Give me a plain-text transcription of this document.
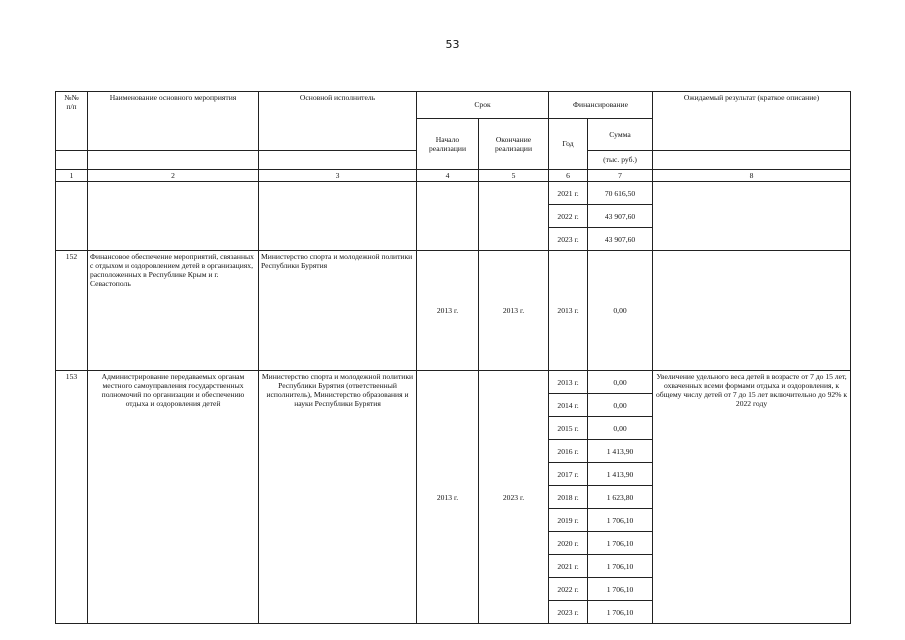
53
№№
п/п	Наименование основного мероприятия	Основной исполнитель	Срок		Финансирование		Ожидаемый результат (краткое описание)
			Начало реализации	Окончание реализации	Год	Сумма	
						(тыс. руб.)	
1	2	3	4	5	6	7	8
					2021 г.	70 616,50	
					2022 г.	43 907,60	
					2023 г.	43 907,60	
152	Финансовое обеспечение мероприятий, связанных с отдыхом и оздоровлением детей в организациях, расположенных в Республике Крым и г. Севастополь	Министерство спорта и молодежной политики Республики Бурятия	2013 г.	2013 г.	2013 г.	0,00	
153	Администрирование передаваемых органам местного самоуправления государственных полномочий по организации и обеспечению отдыха и оздоровления детей	Министерство спорта и молодежной политики Республики Бурятия (ответственный исполнитель), Министерство образования и науки Республики Бурятия	2013 г.	2023 г.	2013 г.	0,00	Увеличение удельного веса детей в возрасте от 7 до 15 лет, охваченных всеми формами отдыха и оздоровления, к общему числу детей от 7 до 15 лет включительно до 92% к 2022 году
					2014 г.	0,00	
					2015 г.	0,00	
					2016 г.	1 413,90	
					2017 г.	1 413,90	
					2018 г.	1 623,80	
					2019 г.	1 706,10	
					2020 г.	1 706,10	
					2021 г.	1 706,10	
					2022 г.	1 706,10	
					2023 г.	1 706,10	
